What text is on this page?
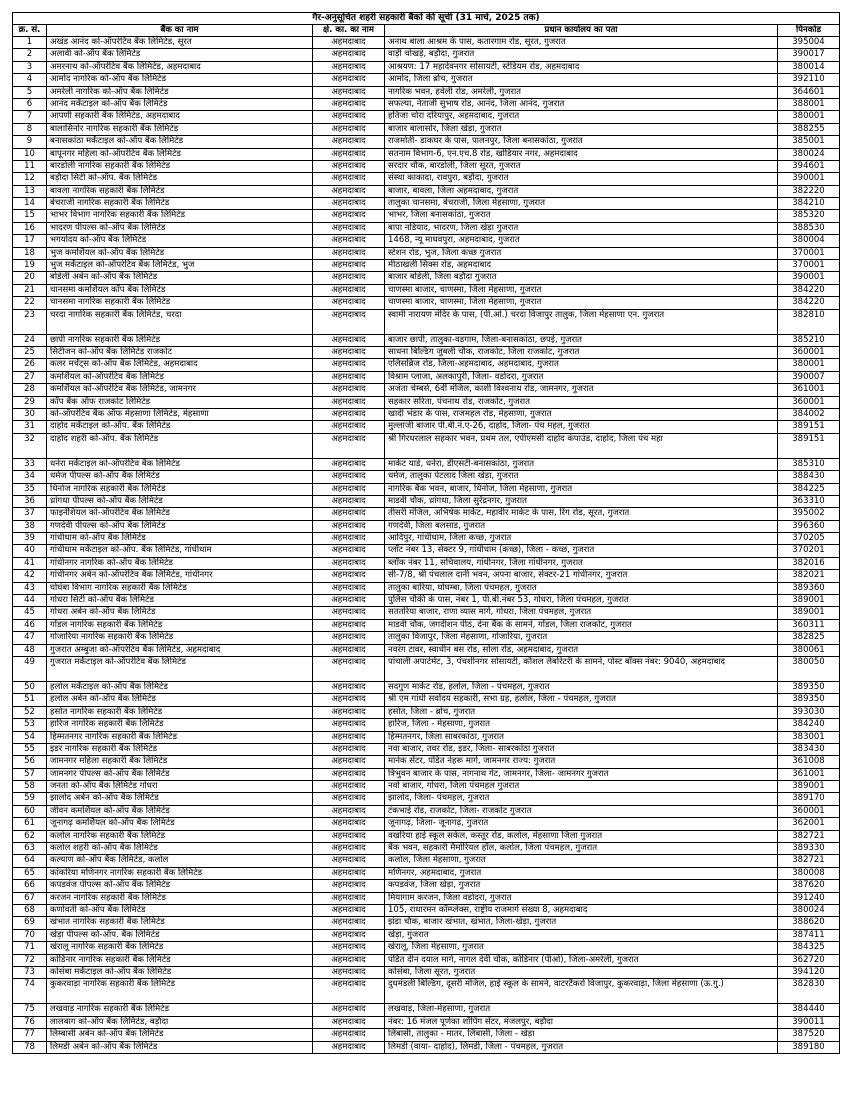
गैर-अनुसूचित शहरी सहकारी बैंकों की सूची (31 मार्च, 2025 तक)				
क्र. सं.	बैंक का नाम	क्षे. का. का नाम	प्रधान कार्यालय का पता	पिनकोड
1	अखंड आनंद को-ऑपरेटिव बैंक लिमिटेड, सूरत	अहमदाबाद	अनाथ बाला आश्रम के पास, कतारगाम रोड, सूरत, गुजरात	395004
2	अलावी को-ऑप बैंक लिमिटेड	अहमदाबाद	वाड़ी चोखड़े, बड़ौदा, गुजरात	390017
3	अमरनाथ को-ऑपरेटिव बैंक लिमिटेड, अहमदाबाद	अहमदाबाद	आश्रयण: 17 महादेवनगर सोसायटी, स्टेडियम रोड, अहमदाबाद	380014
4	आमोद नागरिक को-ऑप बैंक लिमिटेड	अहमदाबाद	आमोद, जिला ब्रोच, गुजरात	392110
5	अमरेली नागरिक को-ऑप बैंक लिमिटेड	अहमदाबाद	नागरिक भवन, हवेली रोड, अमरेली, गुजरात	364601
6	आनंद मर्केंटाइल को-ऑप बैंक लिमिटेड	अहमदाबाद	सफल्या, नेताजी सुभाष रोड, आनंद, जिला आनंद, गुजरात	388001
7	आपणी सहकारी बैंक लिमिटेड, अहमदाबाद	अहमदाबाद	हतिजा चोरा दरियापुर, अहमदाबाद, गुजरात	380001
8	बालासिनोर नागरिक सहकारी बैंक लिमिटेड	अहमदाबाद	बाजार बालासोर, जिला खेड़ा, गुजरात	388255
9	बनासकांठा मर्केंटाइल को-ऑप बैंक लिमिटेड	अहमदाबाद	राजमोती- डाकघर के पास, पालनपुर, जिला बनासकांठा, गुजरात	385001
10	बापूनगर महिला को-ऑपरेटिव बैंक लिमिटेड	अहमदाबाद	सतनाम विभाग-6, एन.एच.8 रोड, खोडियार नगर, अहमदाबाद	380024
11	बारडोली नागरिक सहकारी बैंक लिमिटेड	अहमदाबाद	सरदार चौक, बारडोली, जिला सूरत, गुजरात	394601
12	बड़ौदा सिटी को-ऑप. बैंक लिमिटेड	अहमदाबाद	संस्था काकादा, रावपुरा, बड़ौदा, गुजरात	390001
13	बावला नागरिक सहकारी बैंक लिमिटेड	अहमदाबाद	बाजार, बावला, जिला अहमदाबाद, गुजरात	382220
14	बेचराजी नागरिक सहकारी बैंक लिमिटेड	अहमदाबाद	तालुका चानसमा, बेचराजी, जिला मेहसाणा, गुजरात	384210
15	भाभर विभाग नागरिक सहकारी बैंक लिमिटेड	अहमदाबाद	भाभर, जिला बनासकांठा, गुजरात	385320
16	भादरण पीपल्स को-ऑप बैंक लिमिटेड	अहमदाबाद	बापा नडियाद, भादरण, जिला खेड़ा गुजरात	388530
17	भगयोदय को-ऑप बैंक लिमिटेड	अहमदाबाद	1468, न्यू माधवपुरा, अहमदाबाद, गुजरात	380004
18	भुज कमर्शियल को-ऑप बैंक लिमिटेड	अहमदाबाद	स्टेशन रोड, भुज, जिला कच्छ गुजरात	370001
19	भुज मर्केंटाइल को-ऑपरेटिव बैंक लिमिटेड, भुज	अहमदाबाद	मीठाखली सिक्स रोड, अहमदाबाद	370001
20	बोडेली अर्बन को-ऑप बैंक लिमिटेड	अहमदाबाद	बाजार बोडेली, जिला बड़ौदा गुजरात	390001
21	चानसमा कमर्शियल कॉप बैंक लिमिटेड	अहमदाबाद	चाणस्मा बाजार, चाणस्मा, जिला मेहसाणा, गुजरात	384220
22	चानसमा नागरिक सहकारी बैंक लिमिटेड	अहमदाबाद	चाणस्मा बाजार, चाणस्मा, जिला मेहसाणा, गुजरात	384220
23	चरदा नागरिक सहकारी बैंक लिमिटेड, चरदा	अहमदाबाद	स्वामी नारायण मंदिर के पास, (पी.ओ.) चरदा विजापुर तालुक, जिला मेहसाणा एन. गुजरात	382810
24	छापी नागरिक सहकारी बैंक लिमिटेड	अहमदाबाद	बाजार छापी, तालुका-वडगाम, जिला-बनासकांठा, छपई, गुजरात	385210
25	सिटीजन को-ऑप बैंक लिमिटेड राजकोट	अहमदाबाद	साधना बिल्डिंग जुबली चौक, राजकोट, जिला राजकोट, गुजरात	360001
26	कलर मर्चेंट्स को-ऑप बैंक लिमिटेड, अहमदाबाद	अहमदाबाद	एलिसब्रिज रोड, जिला-अहमदाबाद, अहमदाबाद, गुजरात	380001
27	कमर्शियल को-ऑपरेटिव बैंक लिमिटेड	अहमदाबाद	विश्राम प्लाजा, अलकापुरी, जिला- वडोदरा, गुजरात	390007
28	कमर्शियल को-ऑपरेटिव बैंक लिमिटेड, जामनगर	अहमदाबाद	अजंता चेम्बर्स, 6वीं मंजिल, काशी विश्वनाथ रोड, जामनगर, गुजरात	361001
29	कॉप बैंक ऑफ राजकोट लिमिटेड	अहमदाबाद	सहकार सरिता, पंचनाथ रोड, राजकोट, गुजरात	360001
30	को-ऑपरेटिव बैंक ऑफ मेहसाणा लिमिटेड, मेहसाणा	अहमदाबाद	खादी भंडार के पास, राजमहल रोड, मेहसाणा, गुजरात	384002
31	दाहोद मर्केंटाइल को-ऑप. बैंक लिमिटेड	अहमदाबाद	मुल्लाजी बाजार पी.बी.नं.ए-26, दाहोद, जिला- पंच महल, गुजरात	389151
32	दाहोद शहरी को-ऑप. बैंक लिमिटेड	अहमदाबाद	श्री गिरधरलाल सहकार भवन, प्रथम तल, एपीएमसी दाहोद कंपाउंड, दाहोद, जिला पंच महा	389151
33	धनेरा मर्केंटाइल को-ऑपरेटिव बैंक लिमिटेड	अहमदाबाद	मार्केट यार्ड, धनेरा, डीएसटी-बनासकांठा, गुजरात	385310
34	धर्मज पीपल्स को-ऑप बैंक लिमिटेड	अहमदाबाद	धर्मज, तालुका पेटलाद जिला खेड़ा, गुजरात	388430
35	धिनोज नागरिक सहकारी बैंक लिमिटेड	अहमदाबाद	नागरिक बैंक भवन, बाजार, धिनोज, जिला मेहसाणा, गुजरात	384225
36	ध्रांगधा पीपल्स को-ऑप बैंक लिमिटेड	अहमदाबाद	माडवी चौक, ध्रांगधा, जिला सुरेंद्रनगर, गुजरात	363310
37	फाइनेंशियल को-ऑपरेटिव बैंक लिमिटेड	अहमदाबाद	तीसरी मंजिल, अभिषेक मार्केट, महावीर मार्केट के पास, रिंग रोड, सूरत, गुजरात	395002
38	गणदेवी पीपल्स को-ऑप बैंक लिमिटेड	अहमदाबाद	गणदेवी, जिला बलसाड, गुजरात	396360
39	गांधीधाम को-ऑप बैंक लिमिटेड	अहमदाबाद	आदिपुर, गांधीधाम, जिला कच्छ, गुजरात	370205
40	गांधीधाम मर्केंटाइल को-ऑप. बैंक लिमिटेड, गांधीधाम	अहमदाबाद	प्लॉट नंबर 13, सेक्टर 9, गांधीधाम (कच्छ), जिला - कच्छ, गुजरात	370201
41	गांधीनगर नागरिक को-ऑप बैंक लिमिटेड	अहमदाबाद	ब्लॉक नंबर 11, सचिवालय, गांधीनगर, जिला गांधीनगर, गुजरात	382016
42	गांधीनगर अर्बन को-ऑपरेटिव बैंक लिमिटेड, गांधीनगर	अहमदाबाद	सी-7/8, श्री पंचलाल दानी भवन, अपना बाजार, सेक्टर-21 गांधीनगर, गुजरात	382021
43	घोघंबा विभाग नागरिक सहकारी बैंक लिमिटेड	अहमदाबाद	तालुका बारिया, घोघम्बा, जिला पंचमहल, गुजरात	389360
44	गोधरा सिटी को-ऑप बैंक लिमिटेड	अहमदाबाद	पुलिस चौकी के पास, नंबर 1, पी.बी.नंबर 53, गोधरा, जिला पंचमहल, गुजरात	389001
45	गोधरा अर्बन को-ऑप बैंक लिमिटेड	अहमदाबाद	सततरिया बाजार, राणा व्यास मार्ग, गोधरा, जिला पंचमहल, गुजरात	389001
46	गोंडल नागरिक सहकारी बैंक लिमिटेड	अहमदाबाद	माडवी चौक, जगदीशन पीठ, देना बैंक के सामने, गोंडल, जिला राजकोट, गुजरात	360311
47	गोजारिया नागरिक सहकारी बैंक लिमिटेड	अहमदाबाद	तालुका विजापुर, जिला मेहसाणा, गोजारिया, गुजरात	382825
48	गुजरात अम्बुजा को-ऑपरेटिव बैंक लिमिटेड, अहमदाबाद	अहमदाबाद	नवरंग टावर, स्वाधीन बस रोड, सोला रोड, अहमदाबाद, गुजरात	380061
49	गुजरात मर्केंटाइल को-ऑपरेटिव बैंक लिमिटेड	अहमदाबाद	पांचाली अपार्टमेंट, 3, पंचशीनगर सोसायटी, कौशल लैबोरेटरी के सामने, पोस्ट बॉक्स नंबर: 9040, अहमदाबाद	380050
50	हलोल मर्केंटाइल को-ऑप बैंक लिमिटेड	अहमदाबाद	सदगुण मार्केट रोड, हलोल, जिला - पंचमहल, गुजरात	389350
51	हलोल अर्बन को-ऑप बैंक लिमिटेड	अहमदाबाद	श्री एम गांधी सर्वोदय सहकारी, सभा ग्रह, हलोल, जिला - पंचमहल, गुजरात	389350
52	हसोत नागरिक सहकारी बैंक लिमिटेड	अहमदाबाद	हसोत, जिला - ब्रोच, गुजरात	393030
53	हारिज नागरिक सहकारी बैंक लिमिटेड	अहमदाबाद	हारिज, जिला - मेहसाणा, गुजरात	384240
54	हिम्मतनगर नागरिक सहकारी बैंक लिमिटेड	अहमदाबाद	हिम्मतनगर, जिला साबरकांठा, गुजरात	383001
55	इडर नागरिक सहकारी बैंक लिमिटेड	अहमदाबाद	नवा बाजार, तवर रोड, इडर, जिला- साबरकांठा गुजरात	383430
56	जामनगर महिला सहकारी बैंक लिमिटेड	अहमदाबाद	मानेक सेंटर, पंडित नेहरू मार्ग, जामनगर राज्य: गुजरात	361008
57	जामनगर पीपल्स को-ऑप बैंक लिमिटेड	अहमदाबाद	त्रिभुवन बाजार के पास, नागनाथ गेट, जामनगर, जिला- जामनगर गुजरात	361001
58	जनता को-ऑप बैंक लिमिटेड गोधरा	अहमदाबाद	नवो बाजार, गोधरा, जिला पंचमहल गुजरात	389001
59	झालोद अर्बन को-ऑप बैंक लिमिटेड	अहमदाबाद	झालोद, जिला- पंचमहल, गुजरात	389170
60	जीवन कमर्शियल को-ऑप बैंक लिमिटेड	अहमदाबाद	टंकभाई रोड, राजकोट, जिला- राजकोट गुजरात	360001
61	जूनागढ़ कमर्शियल को-ऑप बैंक लिमिटेड	अहमदाबाद	जूनागढ़, जिला- जूनागढ़, गुजरात	362001
62	कलोल नागरिक सहकारी बैंक लिमिटेड	अहमदाबाद	वखरिया हाई स्कूल सर्कल, कस्तूर रोड, कलोल, मेहसाणा जिला गुजरात	382721
63	कलोल शहरी को-ऑप बैंक लिमिटेड	अहमदाबाद	बैंक भवन, सहकारी मैमोरियल हॉल, कलोल, जिला पंचमहल, गुजरात	389330
64	कल्याण को-ऑप बैंक लिमिटेड, कलोल	अहमदाबाद	कलोल, जिला मेहसाणा, गुजरात	382721
65	कांकरिया मणिनगर नागरिक सहकारी बैंक लिमिटेड	अहमदाबाद	मणिनगर, अहमदाबाद, गुजरात	380008
66	कपडवंज पीपल्स को-ऑप बैंक लिमिटेड	अहमदाबाद	कपडवंज, जिला खेड़ा, गुजरात	387620
67	करजन नागरिक सहकारी बैंक लिमिटेड	अहमदाबाद	मियागाम करजन, जिला वडोदरा, गुजरात	391240
68	कर्णावती को-ऑप बैंक लिमिटेड	अहमदाबाद	105, राधारमन कॉम्प्लेक्स, राष्ट्रीय राजमार्ग संख्या 8, अहमदाबाद	380024
69	खंभात नागरिक सहकारी बैंक लिमिटेड	अहमदाबाद	झंडा चौक, बाजार खंभात, खंभात, जिला-खेड़ा, गुजरात	388620
70	खेड़ा पीपल्स को-ऑप. बैंक लिमिटेड	अहमदाबाद	खेड़ा, गुजरात	387411
71	खेरालू नागरिक सहकारी बैंक लिमिटेड	अहमदाबाद	खेरालू, जिला मेहसाणा, गुजरात	384325
72	कोडिनार नागरिक सहकारी बैंक लिमिटेड	अहमदाबाद	पंडित दीन दयाल मार्ग, नागल देवी चौक, कोडिनार (पीओ), जिला-अमरेली, गुजरात	362720
73	कोसंबा मर्केंटाइल को-ऑप बैंक लिमिटेड	अहमदाबाद	कोसंबा, जिला सूरत, गुजरात	394120
74	कुकरवाड़ा नागरिक सहकारी बैंक लिमिटेड	अहमदाबाद	दुधमंडली बिल्डिंग, दूसरी मंजिल, हाई स्कूल के सामने, वाटरटैंकरो विजापुर, कुकरवाड़ा, जिला मेहसाणा (ऊ.गु.)	382830
75	लखवाड़ नागरिक सहकारी बैंक लिमिटेड	अहमदाबाद	लखवाड़, जिला-मेहसाणा, गुजरात	384440
76	लालबाग को-ऑप बैंक लिमिटेड, बड़ौदा	अहमदाबाद	नंबर: 16 मंजल पूर्णका शॉपिंग सेंटर, मंजलपुर, बड़ौदा	390011
77	लिम्बासी अर्बन को-ऑप बैंक लिमिटेड	अहमदाबाद	लिंबासी, तालुका - मातर, लिंबासी, जिला - खेड़ा	387520
78	लिमडी अर्बन को-ऑप बैंक लिमिटेड	अहमदाबाद	लिमडी (वाया- दाहोद), लिमडी, जिला - पंचमहल, गुजरात	389180
